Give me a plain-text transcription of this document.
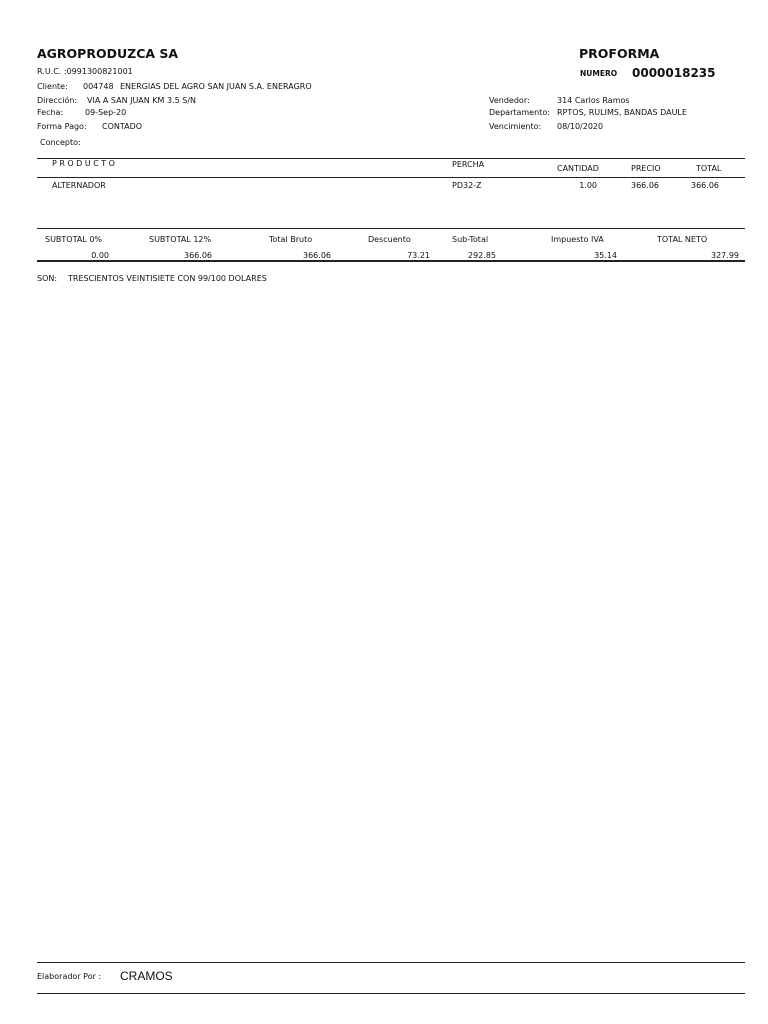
AGROPRODUZCA SA
R.U.C. :0991300821001
PROFORMA
NUMERO 0000018235
Cliente: 004748 ENERGIAS DEL AGRO SAN JUAN S.A. ENERAGRO
Dirección: VIA A SAN JUAN KM 3.5 S/N
Fecha:	09-Sep-20
Forma Pago: CONTADO
Concepto:
Vendedor:	314 Carlos Ramos
Departamento: RPTOS, RULIMS, BANDAS DAULE
Vencimiento: 08/10/2020
PRODUCTO	PERCHA	CANTIDAD	PRECIO	TOTAL
ALTERNADOR	PD32-Z	1.00	366.06	366.06
SUBTOTAL 0%	SUBTOTAL 12%	Total Bruto	Descuento	Sub-Total	Impuesto IVA	TOTAL NETO
0.00	366.06	366.06	73.21	292.85	35.14	327.99
SON: TRESCIENTOS VEINTISIETE CON 99/100 DOLARES
Elaborador Por : CRAMOS
